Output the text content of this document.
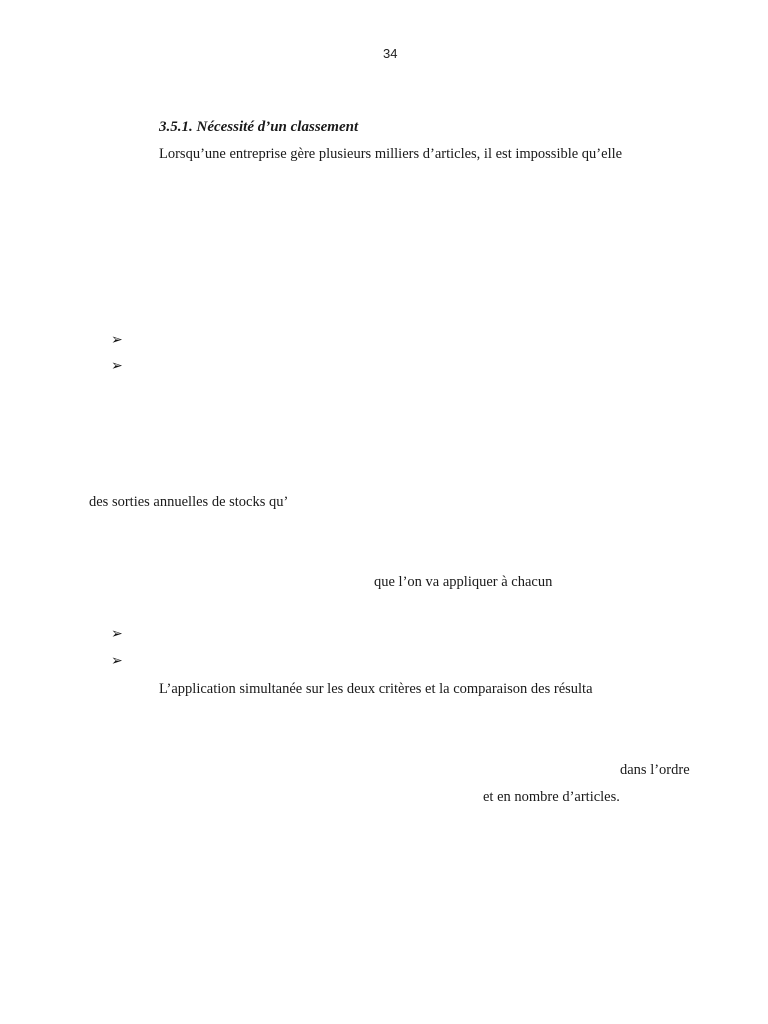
34
3.5.1. Nécessité d’un classement
Lorsqu’une entreprise gère plusieurs milliers d’articles, il est impossible qu’elle
➢
➢
des sorties annuelles de stocks qu’
que l’on va appliquer à chacun
➢
➢
L’application simultanée sur les deux critères et la comparaison des résulta
dans l’ordre
et en nombre d’articles.
